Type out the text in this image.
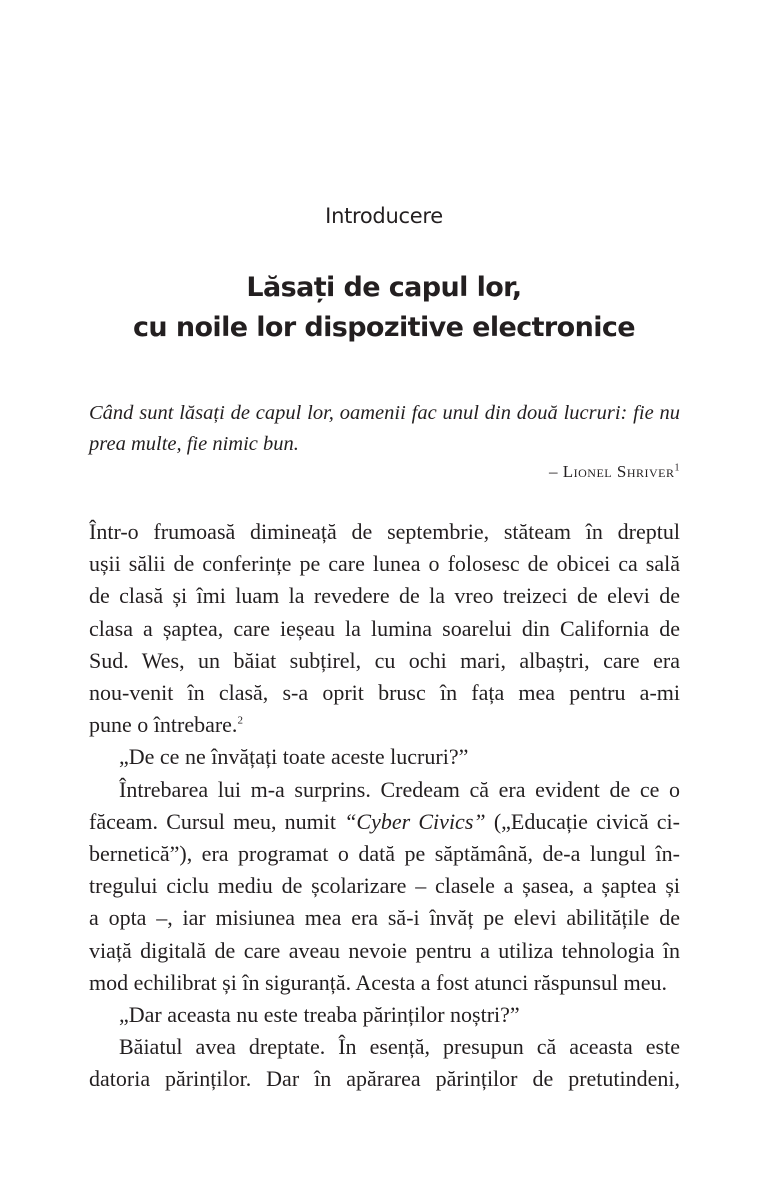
Introducere
Lăsați de capul lor,
cu noile lor dispozitive electronice
Când sunt lăsați de capul lor, oamenii fac unul din două lucruri: fie nu
prea multe, fie nimic bun.
– Lionel Shriver$^1$
Într-o frumoasă dimineață de septembrie, stăteam în dreptul
ușii sălii de conferințe pe care lunea o folosesc de obicei ca sală
de clasă și îmi luam la revedere de la vreo treizeci de elevi de
clasa a șaptea, care ieșeau la lumina soarelui din California de
Sud. Wes, un băiat subțirel, cu ochi mari, albaștri, care era
nou-venit în clasă, s-a oprit brusc în fața mea pentru a-mi
pune o întrebare.$^2$
„De ce ne învățați toate aceste lucruri?”
Întrebarea lui m-a surprins. Credeam că era evident de ce o
făceam. Cursul meu, numit “Cyber Civics” („Educație civică ci-
bernetică”), era programat o dată pe săptămână, de-a lungul în-
tregului ciclu mediu de școlarizare – clasele a șasea, a șaptea și
a opta –, iar misiunea mea era să-i învăț pe elevi abilitățile de
viață digitală de care aveau nevoie pentru a utiliza tehnologia în
mod echilibrat și în siguranță. Acesta a fost atunci răspunsul meu.
„Dar aceasta nu este treaba părinților noștri?”
Băiatul avea dreptate. În esență, presupun că aceasta este
datoria părinților. Dar în apărarea părinților de pretutindeni,
